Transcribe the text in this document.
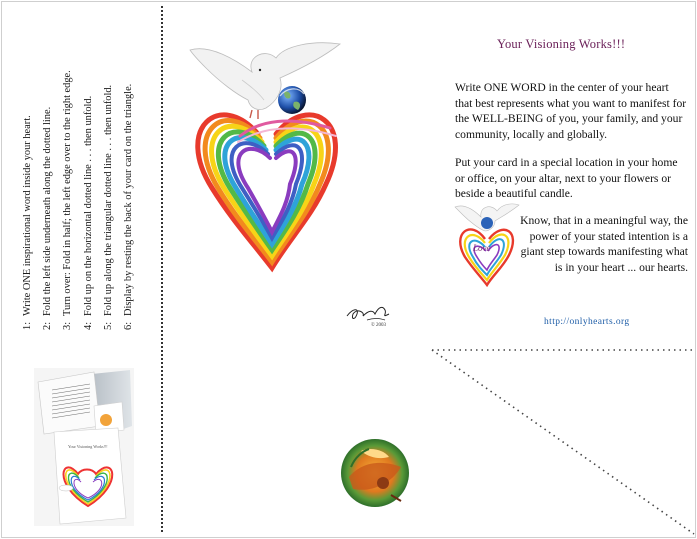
1:Write ONE inspirational word inside your heart.
2:Fold the left side underneath along the dotted line.
3:Turn over: Fold in half; the left edge over to the right edge.
4:Fold up on the horizontal dotted line . . . then unfold.
5:Fold up along the triangular dotted line . . . then unfold.
6:Display by resting the back of your card on the triangle.
Your Visioning Works!!!
© 2003
Your Visioning Works!!!
Write ONE WORD in the center of your heart that best represents what you want to manifest for the WELL-BEING of you, your family, and your community, locally and globally.
Put your card in a special location in your home or office, on your altar, next to your flowers or beside a beautiful candle.
Love
Know, that in a meaningful way, the power of your stated intention is a giant step towards manifesting what is in your heart ... our hearts.
http://onlyhearts.org
